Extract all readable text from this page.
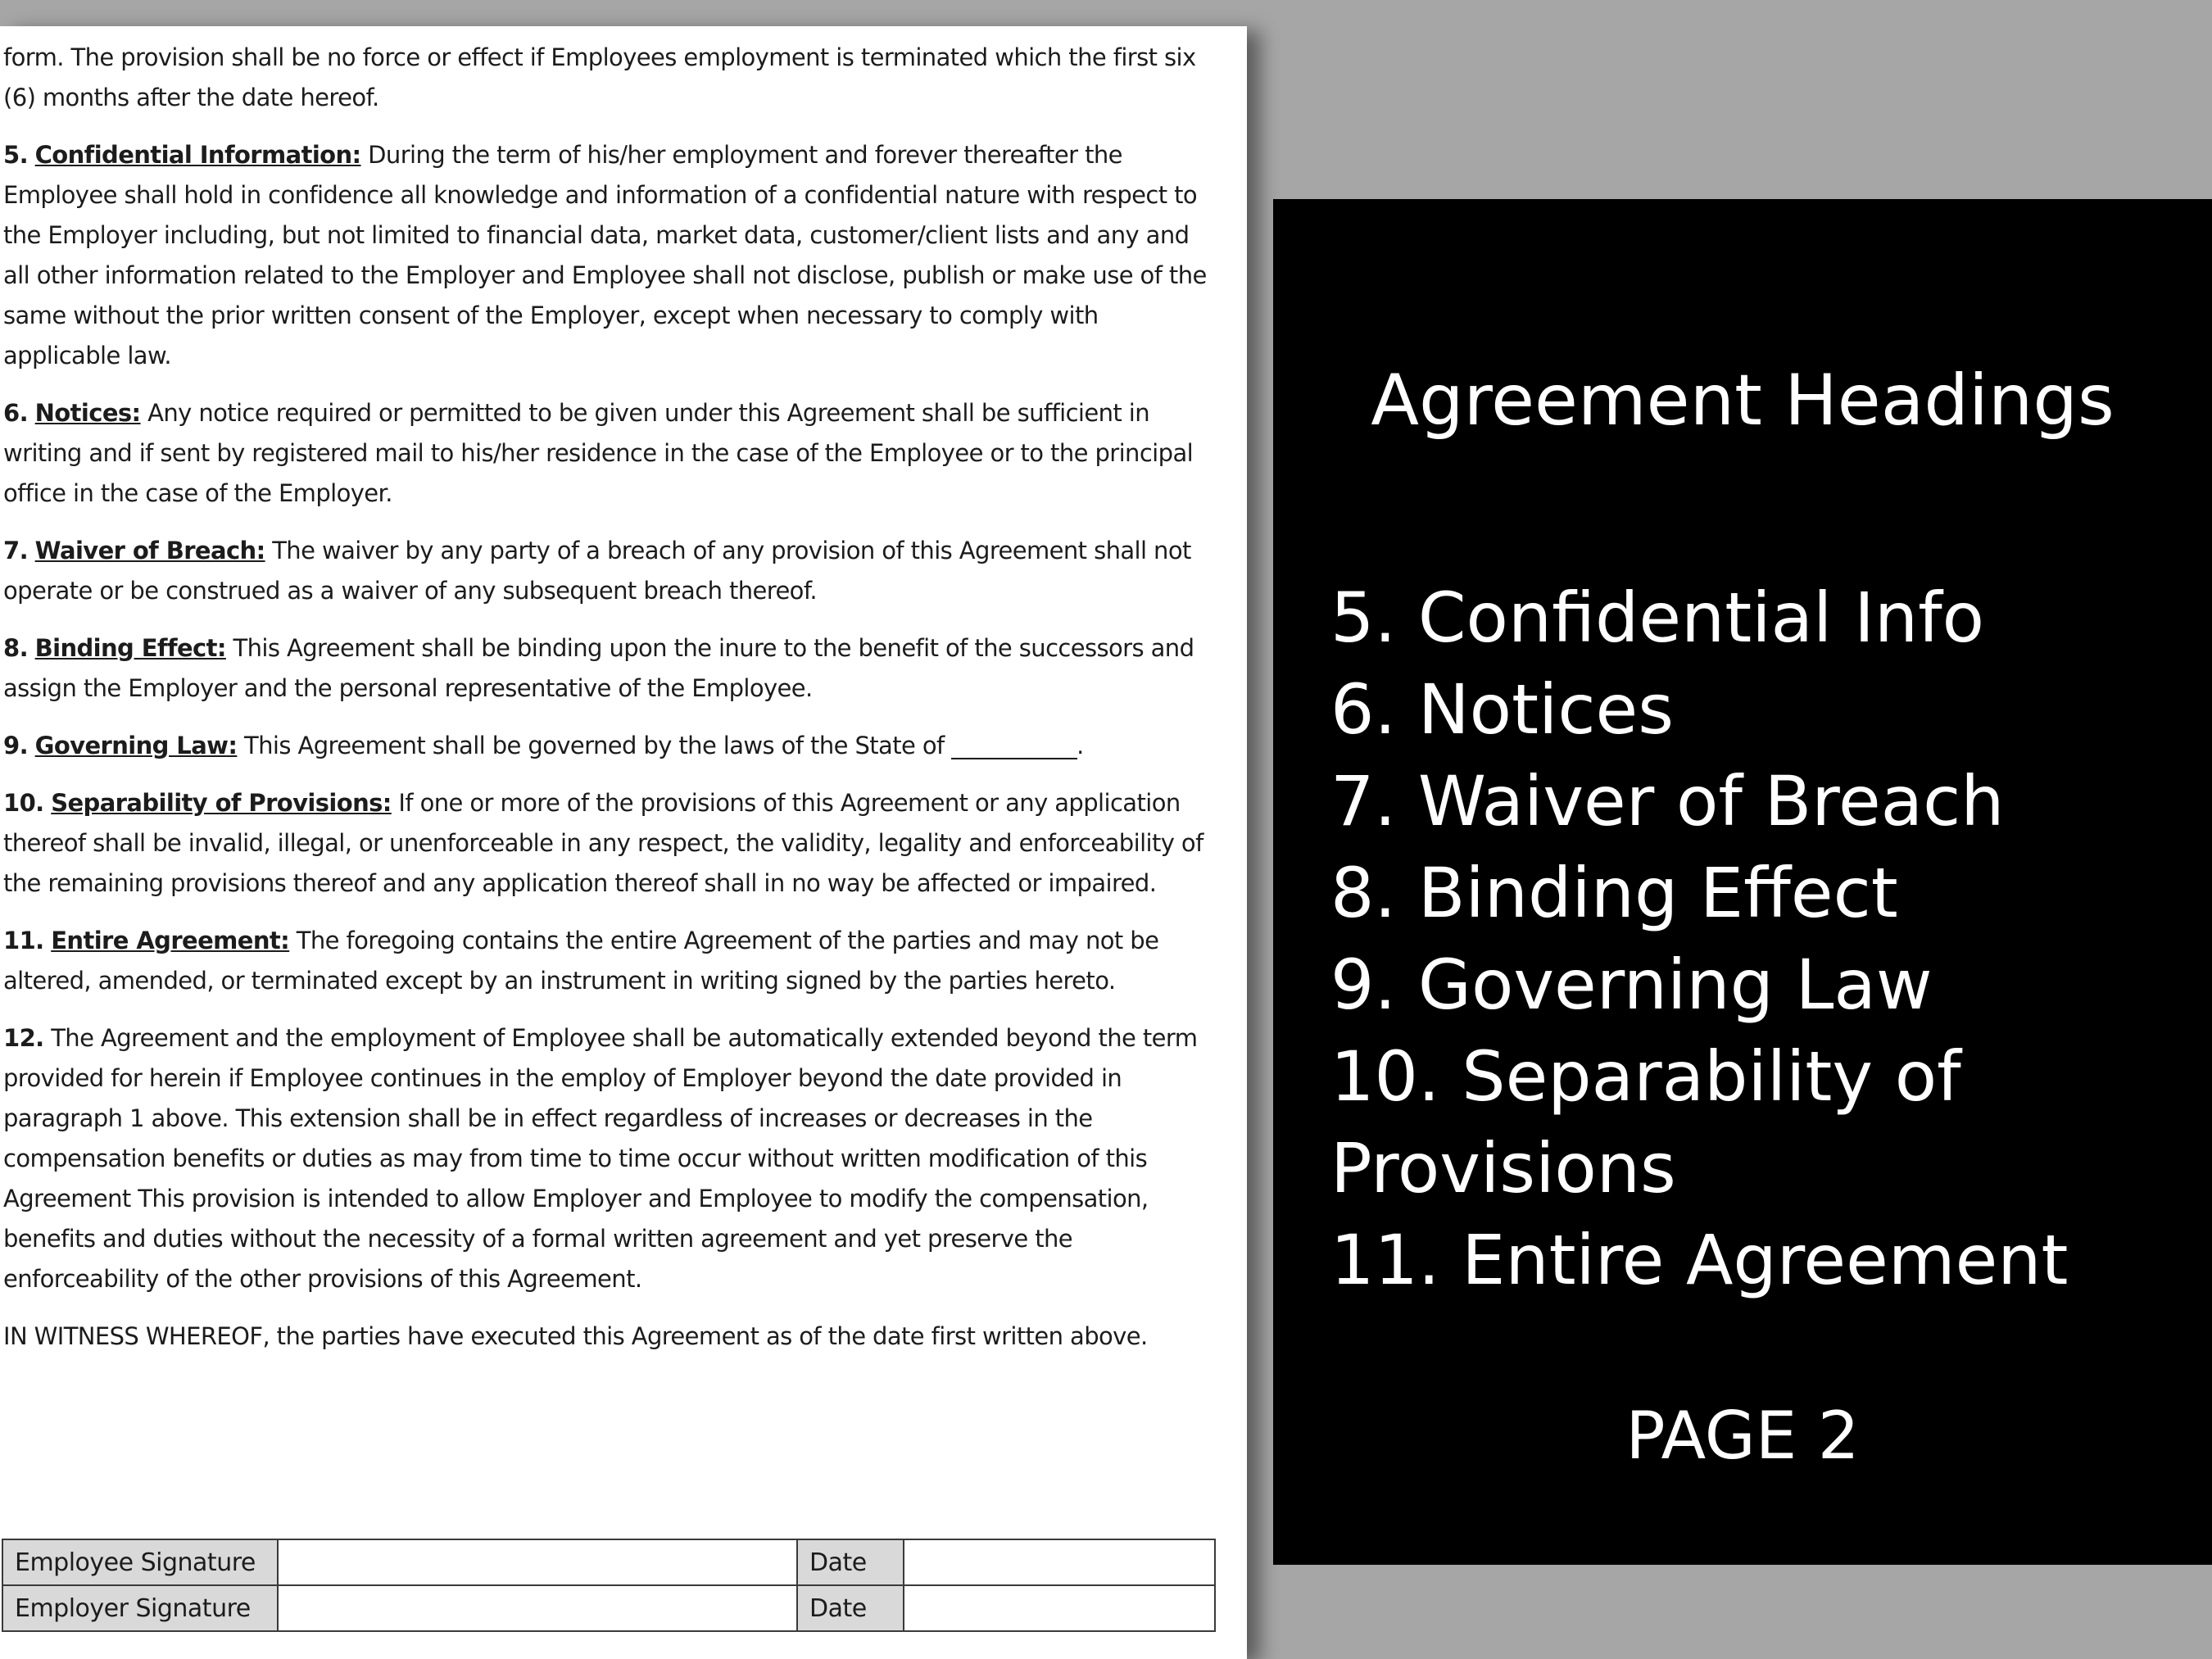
form. The provision shall be no force or effect if Employees employment is terminated which the first six (6) months after the date hereof.

5. Confidential Information: During the term of his/her employment and forever thereafter the Employee shall hold in confidence all knowledge and information of a confidential nature with respect to the Employer including, but not limited to financial data, market data, customer/client lists and any and all other information related to the Employer and Employee shall not disclose, publish or make use of the same without the prior written consent of the Employer, except when necessary to comply with applicable law.

6. Notices: Any notice required or permitted to be given under this Agreement shall be sufficient in writing and if sent by registered mail to his/her residence in the case of the Employee or to the principal office in the case of the Employer.

7. Waiver of Breach: The waiver by any party of a breach of any provision of this Agreement shall not operate or be construed as a waiver of any subsequent breach thereof.

8. Binding Effect: This Agreement shall be binding upon the inure to the benefit of the successors and assign the Employer and the personal representative of the Employee.

9. Governing Law: This Agreement shall be governed by the laws of the State of ___________.

10. Separability of Provisions: If one or more of the provisions of this Agreement or any application thereof shall be invalid, illegal, or unenforceable in any respect, the validity, legality and enforceability of the remaining provisions thereof and any application thereof shall in no way be affected or impaired.

11. Entire Agreement: The foregoing contains the entire Agreement of the parties and may not be altered, amended, or terminated except by an instrument in writing signed by the parties hereto.

12. The Agreement and the employment of Employee shall be automatically extended beyond the term provided for herein if Employee continues in the employ of Employer beyond the date provided in paragraph 1 above. This extension shall be in effect regardless of increases or decreases in the compensation benefits or duties as may from time to time occur without written modification of this Agreement This provision is intended to allow Employer and Employee to modify the compensation, benefits and duties without the necessity of a formal written agreement and yet preserve the enforceability of the other provisions of this Agreement.

IN WITNESS WHEREOF, the parties have executed this Agreement as of the date first written above.

Employee Signature		Date	
Employer Signature		Date	
Agreement Headings
5. Confidential Info
6. Notices
7. Waiver of Breach
8. Binding Effect
9. Governing Law
10. Separability of
Provisions
11. Entire Agreement
PAGE 2
